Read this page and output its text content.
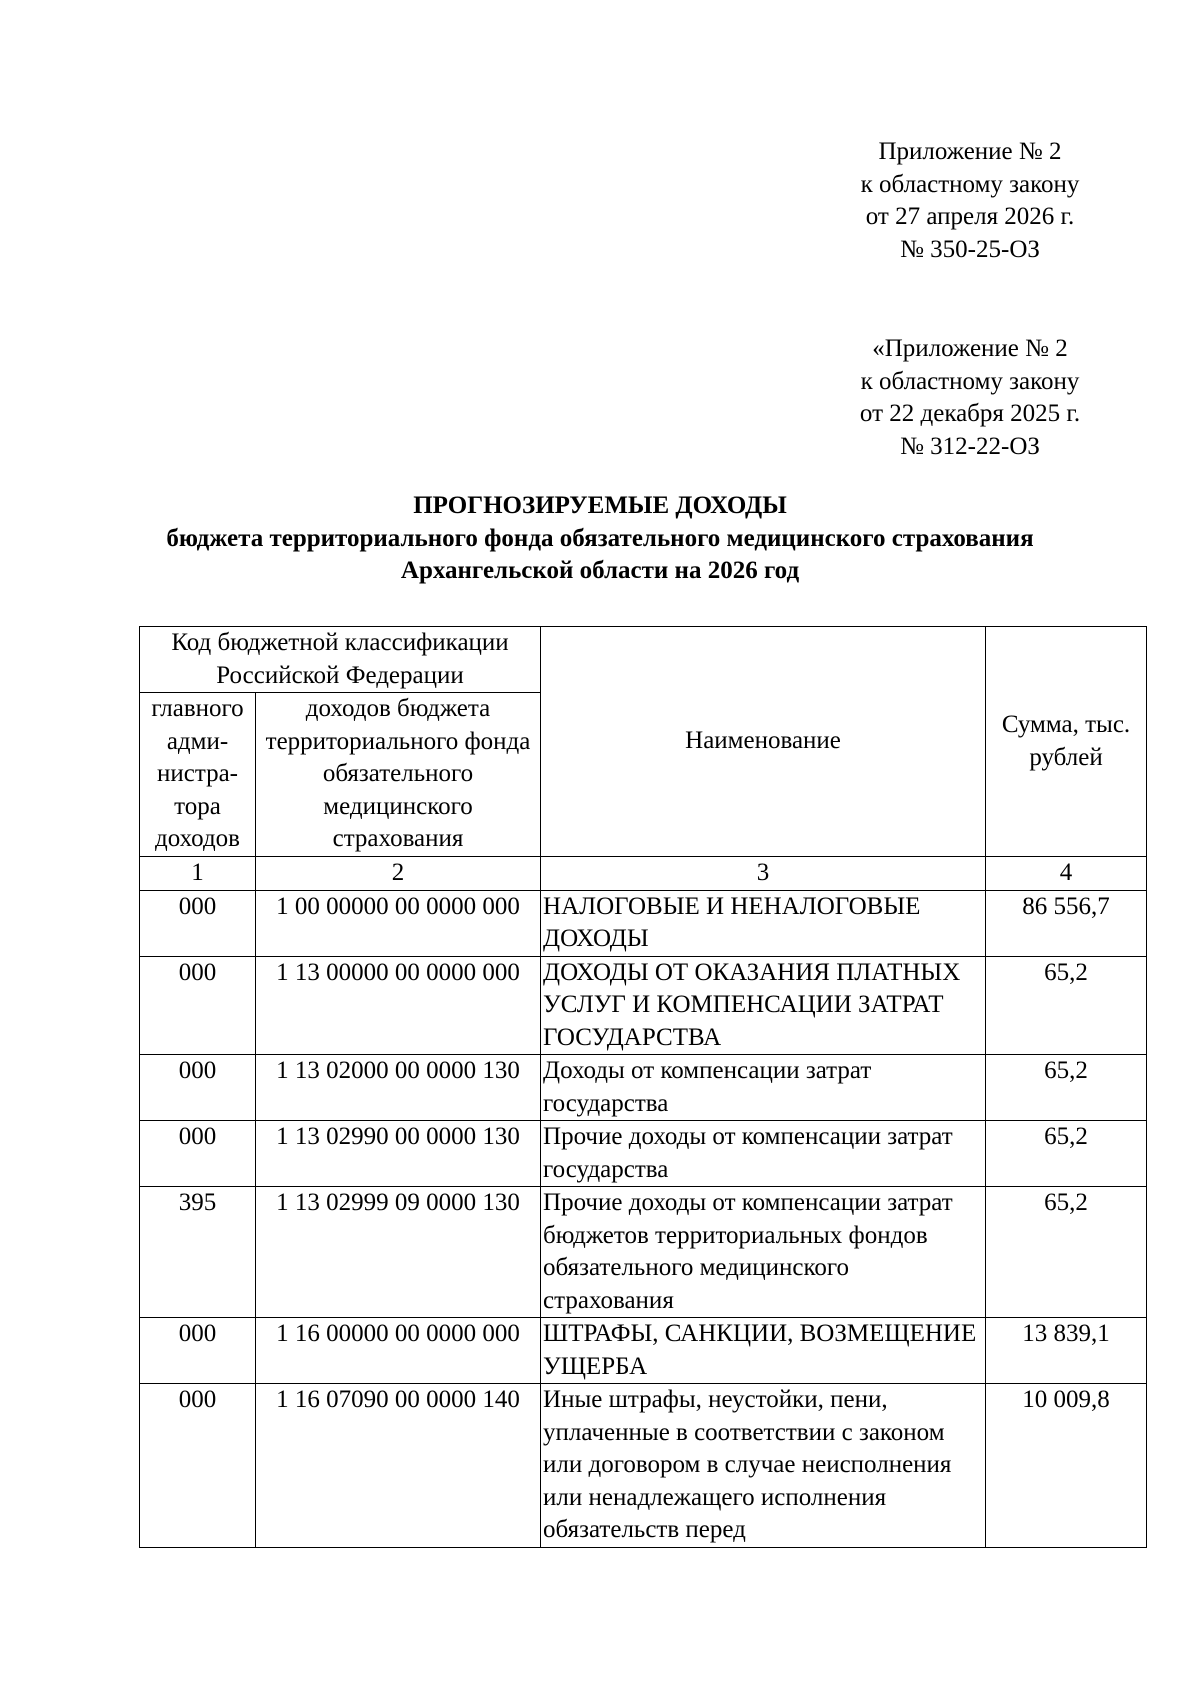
Приложение № 2
к областному закону
от 27 апреля 2026 г.
№ 350-25-ОЗ
«Приложение № 2
к областному закону
от 22 декабря 2025 г.
№ 312-22-ОЗ
ПРОГНОЗИРУЕМЫЕ ДОХОДЫ
бюджета территориального фонда обязательного медицинского страхования
Архангельской области на 2026 год
Код бюджетной классификации Российской Федерации		Наименование	Сумма, тыс. рублей
главного адми-нистра-тора доходов	доходов бюджета территориального фонда обязательного медицинского страхования		
1	2	3	4
000	1 00 00000 00 0000 000	НАЛОГОВЫЕ И НЕНАЛОГОВЫЕ ДОХОДЫ	86 556,7
000	1 13 00000 00 0000 000	ДОХОДЫ ОТ ОКАЗАНИЯ ПЛАТНЫХ УСЛУГ И КОМПЕНСАЦИИ ЗАТРАТ ГОСУДАРСТВА	65,2
000	1 13 02000 00 0000 130	Доходы от компенсации затрат государства	65,2
000	1 13 02990 00 0000 130	Прочие доходы от компенсации затрат государства	65,2
395	1 13 02999 09 0000 130	Прочие доходы от компенсации затрат бюджетов территориальных фондов обязательного медицинского страхования	65,2
000	1 16 00000 00 0000 000	ШТРАФЫ, САНКЦИИ, ВОЗМЕЩЕНИЕ УЩЕРБА	13 839,1
000	1 16 07090 00 0000 140	Иные штрафы, неустойки, пени, уплаченные в соответствии с законом или договором в случае неисполнения или ненадлежащего исполнения обязательств перед	10 009,8
